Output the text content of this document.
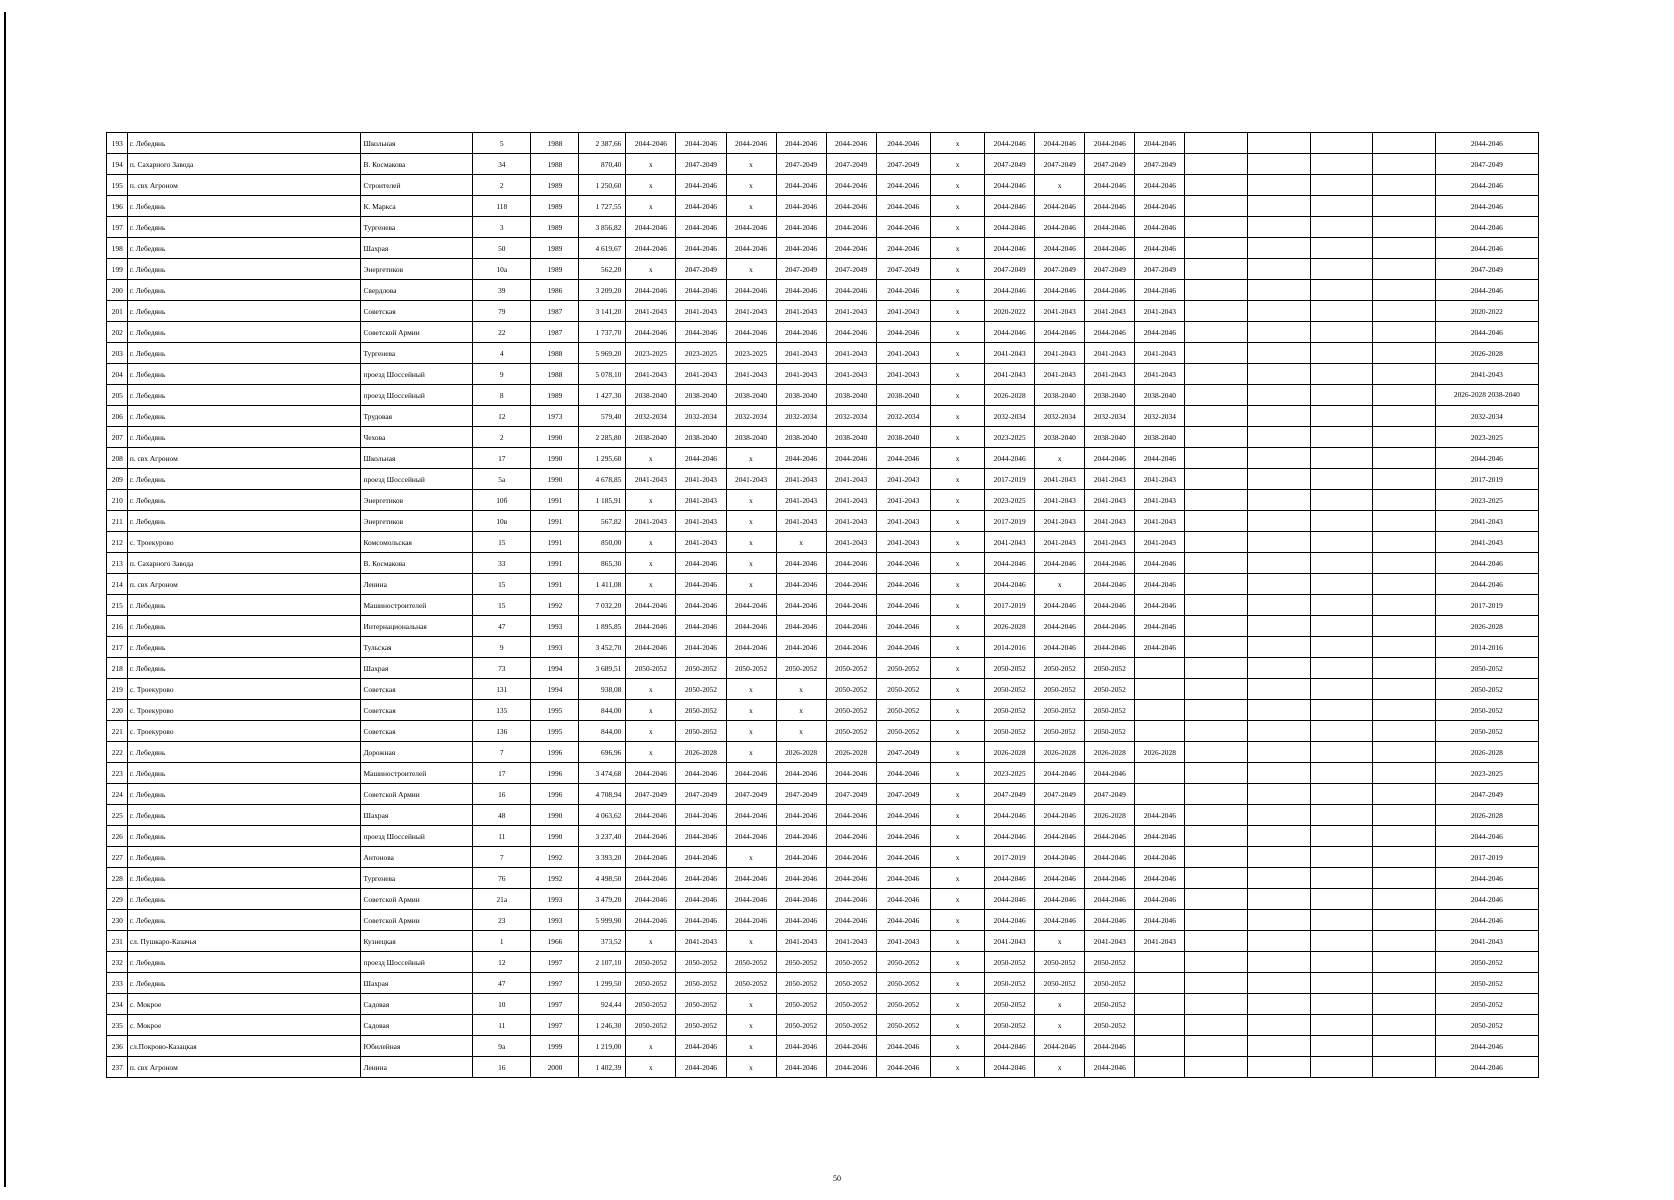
193	г. Лебедянь	Школьная	5	1988	2 387,66	2044-2046	2044-2046	2044-2046	2044-2046	2044-2046	2044-2046	х	2044-2046	2044-2046	2044-2046	2044-2046					2044-2046
194	п. Сахарного Завода	В. Космакова	34	1988	870,40	х	2047-2049	х	2047-2049	2047-2049	2047-2049	х	2047-2049	2047-2049	2047-2049	2047-2049					2047-2049
195	п. свх Агроном	Строителей	2	1989	1 250,60	х	2044-2046	х	2044-2046	2044-2046	2044-2046	х	2044-2046	х	2044-2046	2044-2046					2044-2046
196	г. Лебедянь	К. Маркса	118	1989	1 727,55	х	2044-2046	х	2044-2046	2044-2046	2044-2046	х	2044-2046	2044-2046	2044-2046	2044-2046					2044-2046
197	г. Лебедянь	Тургенева	3	1989	3 856,82	2044-2046	2044-2046	2044-2046	2044-2046	2044-2046	2044-2046	х	2044-2046	2044-2046	2044-2046	2044-2046					2044-2046
198	г. Лебедянь	Шахрая	50	1989	4 619,67	2044-2046	2044-2046	2044-2046	2044-2046	2044-2046	2044-2046	х	2044-2046	2044-2046	2044-2046	2044-2046					2044-2046
199	г. Лебедянь	Энергетиков	10а	1989	562,20	х	2047-2049	х	2047-2049	2047-2049	2047-2049	х	2047-2049	2047-2049	2047-2049	2047-2049					2047-2049
200	г. Лебедянь	Свердлова	39	1986	3 209,20	2044-2046	2044-2046	2044-2046	2044-2046	2044-2046	2044-2046	х	2044-2046	2044-2046	2044-2046	2044-2046					2044-2046
201	г. Лебедянь	Советская	79	1987	3 141,20	2041-2043	2041-2043	2041-2043	2041-2043	2041-2043	2041-2043	х	2020-2022	2041-2043	2041-2043	2041-2043					2020-2022
202	г. Лебедянь	Советской Армии	22	1987	1 737,70	2044-2046	2044-2046	2044-2046	2044-2046	2044-2046	2044-2046	х	2044-2046	2044-2046	2044-2046	2044-2046					2044-2046
203	г. Лебедянь	Тургенева	4	1988	5 969,20	2023-2025	2023-2025	2023-2025	2041-2043	2041-2043	2041-2043	х	2041-2043	2041-2043	2041-2043	2041-2043					2026-2028
204	г. Лебедянь	проезд Шоссейный	9	1988	5 078,10	2041-2043	2041-2043	2041-2043	2041-2043	2041-2043	2041-2043	х	2041-2043	2041-2043	2041-2043	2041-2043					2041-2043
205	г. Лебедянь	проезд Шоссейный	8	1989	1 427,30	2038-2040	2038-2040	2038-2040	2038-2040	2038-2040	2038-2040	х	2026-2028	2038-2040	2038-2040	2038-2040					2026-2028 2038-2040
206	г. Лебедянь	Трудовая	12	1973	579,40	2032-2034	2032-2034	2032-2034	2032-2034	2032-2034	2032-2034	х	2032-2034	2032-2034	2032-2034	2032-2034					2032-2034
207	г. Лебедянь	Чехова	2	1990	2 285,80	2038-2040	2038-2040	2038-2040	2038-2040	2038-2040	2038-2040	х	2023-2025	2038-2040	2038-2040	2038-2040					2023-2025
208	п. свх Агроном	Школьная	17	1990	1 295,60	х	2044-2046	х	2044-2046	2044-2046	2044-2046	х	2044-2046	х	2044-2046	2044-2046					2044-2046
209	г. Лебедянь	проезд Шоссейный	5а	1990	4 678,85	2041-2043	2041-2043	2041-2043	2041-2043	2041-2043	2041-2043	х	2017-2019	2041-2043	2041-2043	2041-2043					2017-2019
210	г. Лебедянь	Энергетиков	10б	1991	1 185,91	х	2041-2043	х	2041-2043	2041-2043	2041-2043	х	2023-2025	2041-2043	2041-2043	2041-2043					2023-2025
211	г. Лебедянь	Энергетиков	10в	1991	567,82	2041-2043	2041-2043	х	2041-2043	2041-2043	2041-2043	х	2017-2019	2041-2043	2041-2043	2041-2043					2041-2043
212	с. Троекурово	Комсомольская	15	1991	850,00	х	2041-2043	х	х	2041-2043	2041-2043	х	2041-2043	2041-2043	2041-2043	2041-2043					2041-2043
213	п. Сахарного Завода	В. Космакова	33	1991	865,30	х	2044-2046	х	2044-2046	2044-2046	2044-2046	х	2044-2046	2044-2046	2044-2046	2044-2046					2044-2046
214	п. свх Агроном	Ленина	15	1991	1 411,08	х	2044-2046	х	2044-2046	2044-2046	2044-2046	х	2044-2046	х	2044-2046	2044-2046					2044-2046
215	г. Лебедянь	Машиностроителей	15	1992	7 032,20	2044-2046	2044-2046	2044-2046	2044-2046	2044-2046	2044-2046	х	2017-2019	2044-2046	2044-2046	2044-2046					2017-2019
216	г. Лебедянь	Интернациональная	47	1993	1 895,85	2044-2046	2044-2046	2044-2046	2044-2046	2044-2046	2044-2046	х	2026-2028	2044-2046	2044-2046	2044-2046					2026-2028
217	г. Лебедянь	Тульская	9	1993	3 452,70	2044-2046	2044-2046	2044-2046	2044-2046	2044-2046	2044-2046	х	2014-2016	2044-2046	2044-2046	2044-2046					2014-2016
218	г. Лебедянь	Шахрая	73	1994	3 689,51	2050-2052	2050-2052	2050-2052	2050-2052	2050-2052	2050-2052	х	2050-2052	2050-2052	2050-2052						2050-2052
219	с. Троекурово	Советская	131	1994	938,08	х	2050-2052	х	х	2050-2052	2050-2052	х	2050-2052	2050-2052	2050-2052						2050-2052
220	с. Троекурово	Советская	135	1995	844,00	х	2050-2052	х	х	2050-2052	2050-2052	х	2050-2052	2050-2052	2050-2052						2050-2052
221	с. Троекурово	Советская	136	1995	844,00	х	2050-2052	х	х	2050-2052	2050-2052	х	2050-2052	2050-2052	2050-2052						2050-2052
222	г. Лебедянь	Дорожная	7	1996	696,96	х	2026-2028	х	2026-2028	2026-2028	2047-2049	х	2026-2028	2026-2028	2026-2028	2026-2028					2026-2028
223	г. Лебедянь	Машиностроителей	17	1996	3 474,68	2044-2046	2044-2046	2044-2046	2044-2046	2044-2046	2044-2046	х	2023-2025	2044-2046	2044-2046						2023-2025
224	г. Лебедянь	Советской Армии	16	1996	4 708,94	2047-2049	2047-2049	2047-2049	2047-2049	2047-2049	2047-2049	х	2047-2049	2047-2049	2047-2049						2047-2049
225	г. Лебедянь	Шахрая	48	1990	4 063,62	2044-2046	2044-2046	2044-2046	2044-2046	2044-2046	2044-2046	х	2044-2046	2044-2046	2026-2028	2044-2046					2026-2028
226	г. Лебедянь	проезд Шоссейный	11	1990	3 237,40	2044-2046	2044-2046	2044-2046	2044-2046	2044-2046	2044-2046	х	2044-2046	2044-2046	2044-2046	2044-2046					2044-2046
227	г. Лебедянь	Антонова	7	1992	3 393,20	2044-2046	2044-2046	х	2044-2046	2044-2046	2044-2046	х	2017-2019	2044-2046	2044-2046	2044-2046					2017-2019
228	г. Лебедянь	Тургенева	76	1992	4 498,50	2044-2046	2044-2046	2044-2046	2044-2046	2044-2046	2044-2046	х	2044-2046	2044-2046	2044-2046	2044-2046					2044-2046
229	г. Лебедянь	Советской Армии	21а	1993	3 479,20	2044-2046	2044-2046	2044-2046	2044-2046	2044-2046	2044-2046	х	2044-2046	2044-2046	2044-2046	2044-2046					2044-2046
230	г. Лебедянь	Советской Армии	23	1993	5 999,90	2044-2046	2044-2046	2044-2046	2044-2046	2044-2046	2044-2046	х	2044-2046	2044-2046	2044-2046	2044-2046					2044-2046
231	сл. Пушкаро-Казачья	Кузнецкая	1	1966	373,52	х	2041-2043	х	2041-2043	2041-2043	2041-2043	х	2041-2043	х	2041-2043	2041-2043					2041-2043
232	г. Лебедянь	проезд Шоссейный	12	1997	2 107,10	2050-2052	2050-2052	2050-2052	2050-2052	2050-2052	2050-2052	х	2050-2052	2050-2052	2050-2052						2050-2052
233	г. Лебедянь	Шахрая	47	1997	1 299,50	2050-2052	2050-2052	2050-2052	2050-2052	2050-2052	2050-2052	х	2050-2052	2050-2052	2050-2052						2050-2052
234	с. Мокрое	Садовая	10	1997	924,44	2050-2052	2050-2052	х	2050-2052	2050-2052	2050-2052	х	2050-2052	х	2050-2052						2050-2052
235	с. Мокрое	Садовая	11	1997	1 246,30	2050-2052	2050-2052	х	2050-2052	2050-2052	2050-2052	х	2050-2052	х	2050-2052						2050-2052
236	сл.Покрово-Казацкая	Юбилейная	9а	1999	1 219,00	х	2044-2046	х	2044-2046	2044-2046	2044-2046	х	2044-2046	2044-2046	2044-2046						2044-2046
237	п. свх Агроном	Ленина	16	2000	1 402,39	х	2044-2046	х	2044-2046	2044-2046	2044-2046	х	2044-2046	х	2044-2046						2044-2046
50
